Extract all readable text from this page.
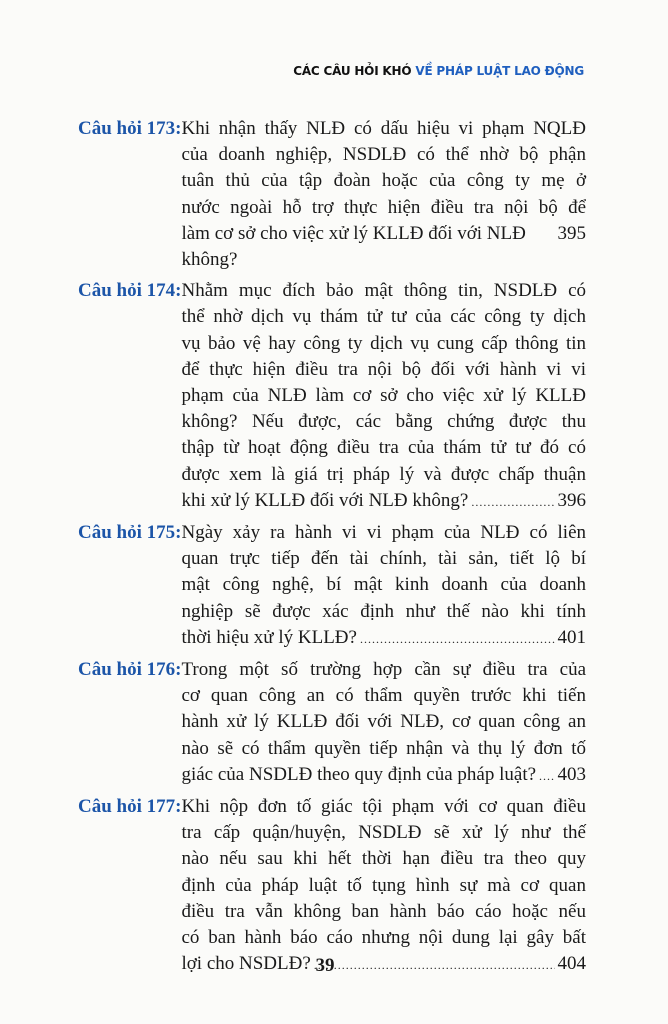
CÁC CÂU HỎI KHÓ VỀ PHÁP LUẬT LAO ĐỘNG
Câu hỏi 173: Khi nhận thấy NLĐ có dấu hiệu vi phạm NQLĐ
của doanh nghiệp, NSDLĐ có thể nhờ bộ phận
tuân thủ của tập đoàn hoặc của công ty mẹ ở
nước ngoài hỗ trợ thực hiện điều tra nội bộ để
làm cơ sở cho việc xử lý KLLĐ đối với NLĐ không?
395
Câu hỏi 174: Nhằm mục đích bảo mật thông tin, NSDLĐ có
thể nhờ dịch vụ thám tử tư của các công ty dịch
vụ bảo vệ hay công ty dịch vụ cung cấp thông tin
để thực hiện điều tra nội bộ đối với hành vi vi
phạm của NLĐ làm cơ sở cho việc xử lý KLLĐ
không? Nếu được, các bằng chứng được thu
thập từ hoạt động điều tra của thám tử tư đó có
được xem là giá trị pháp lý và được chấp thuận
khi xử lý KLLĐ đối với NLĐ không? .....	396
Câu hỏi 175: Ngày xảy ra hành vi vi phạm của NLĐ có liên
quan trực tiếp đến tài chính, tài sản, tiết lộ bí
mật công nghệ, bí mật kinh doanh của doanh
nghiệp sẽ được xác định như thế nào khi tính
thời hiệu xử lý KLLĐ? .....	401
Câu hỏi 176: Trong một số trường hợp cần sự điều tra của
cơ quan công an có thẩm quyền trước khi tiến
hành xử lý KLLĐ đối với NLĐ, cơ quan công an
nào sẽ có thẩm quyền tiếp nhận và thụ lý đơn tố
giác của NSDLĐ theo quy định của pháp luật? ..... 403
Câu hỏi 177: Khi nộp đơn tố giác tội phạm với cơ quan điều
tra cấp quận/huyện, NSDLĐ sẽ xử lý như thế
nào nếu sau khi hết thời hạn điều tra theo quy
định của pháp luật tố tụng hình sự mà cơ quan
điều tra vẫn không ban hành báo cáo hoặc nếu
có ban hành báo cáo nhưng nội dung lại gây bất
lợi cho NSDLĐ? .....	404
39
